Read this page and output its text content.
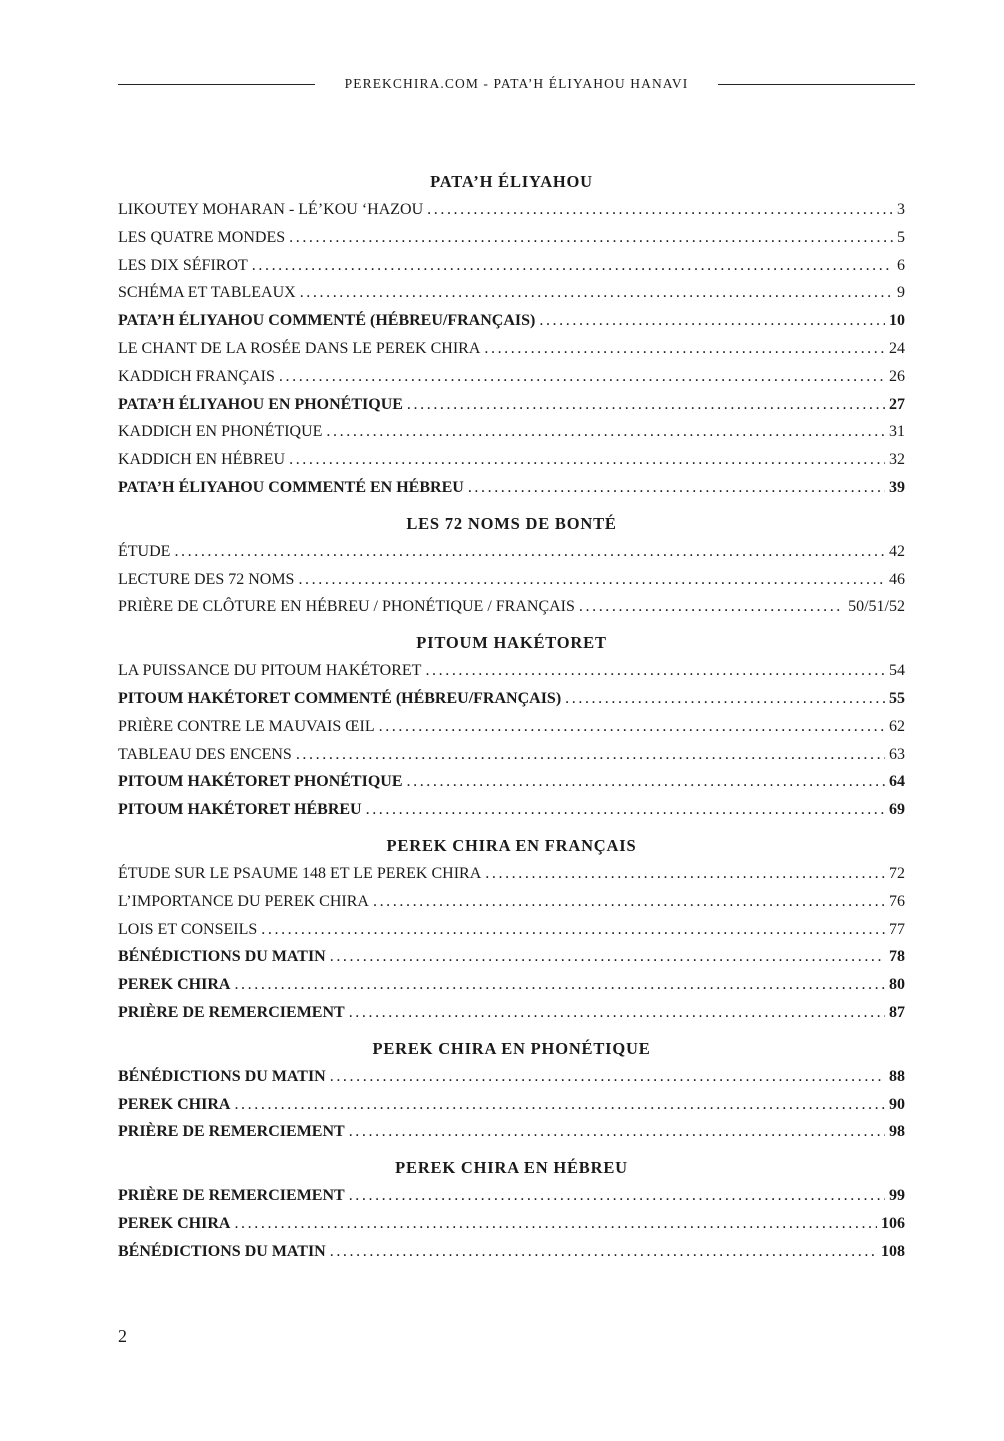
PEREKCHIRA.COM - PATA’H ÉLIYAHOU HANAVI
PATA’H ÉLIYAHOU
LIKOUTEY MOHARAN - LÉ’KOU ‘HAZOU .....	3
LES QUATRE MONDES .....	5
LES DIX SÉFIROT .....	6
SCHÉMA ET TABLEAUX .....	9
PATA’H ÉLIYAHOU COMMENTÉ (HÉBREU/FRANÇAIS) .....	10
LE CHANT DE LA ROSÉE DANS LE PEREK CHIRA .....	24
KADDICH FRANÇAIS .....	26
PATA’H ÉLIYAHOU EN PHONÉTIQUE .....	27
KADDICH EN PHONÉTIQUE .....	31
KADDICH EN HÉBREU .....	32
PATA’H ÉLIYAHOU COMMENTÉ EN HÉBREU .....	39
LES 72 NOMS DE BONTÉ
ÉTUDE .....	42
LECTURE DES 72 NOMS .....	46
PRIÈRE DE CLÔTURE EN HÉBREU / PHONÉTIQUE / FRANÇAIS .....	50/51/52
PITOUM HAKÉTORET
LA PUISSANCE DU PITOUM HAKÉTORET .....	54
PITOUM HAKÉTORET COMMENTÉ (HÉBREU/FRANÇAIS) .....	55
PRIÈRE CONTRE LE MAUVAIS ŒIL .....	62
TABLEAU DES ENCENS .....	63
PITOUM HAKÉTORET PHONÉTIQUE .....	64
PITOUM HAKÉTORET HÉBREU .....	69
PEREK CHIRA EN FRANÇAIS
ÉTUDE SUR LE PSAUME 148 ET LE PEREK CHIRA .....	72
L’IMPORTANCE DU PEREK CHIRA .....	76
LOIS ET CONSEILS .....	77
BÉNÉDICTIONS DU MATIN .....	78
PEREK CHIRA .....	80
PRIÈRE DE REMERCIEMENT .....	87
PEREK CHIRA EN PHONÉTIQUE
BÉNÉDICTIONS DU MATIN .....	88
PEREK CHIRA .....	90
PRIÈRE DE REMERCIEMENT .....	98
PEREK CHIRA EN HÉBREU
PRIÈRE DE REMERCIEMENT .....	99
PEREK CHIRA .....	106
BÉNÉDICTIONS DU MATIN .....	108
2
